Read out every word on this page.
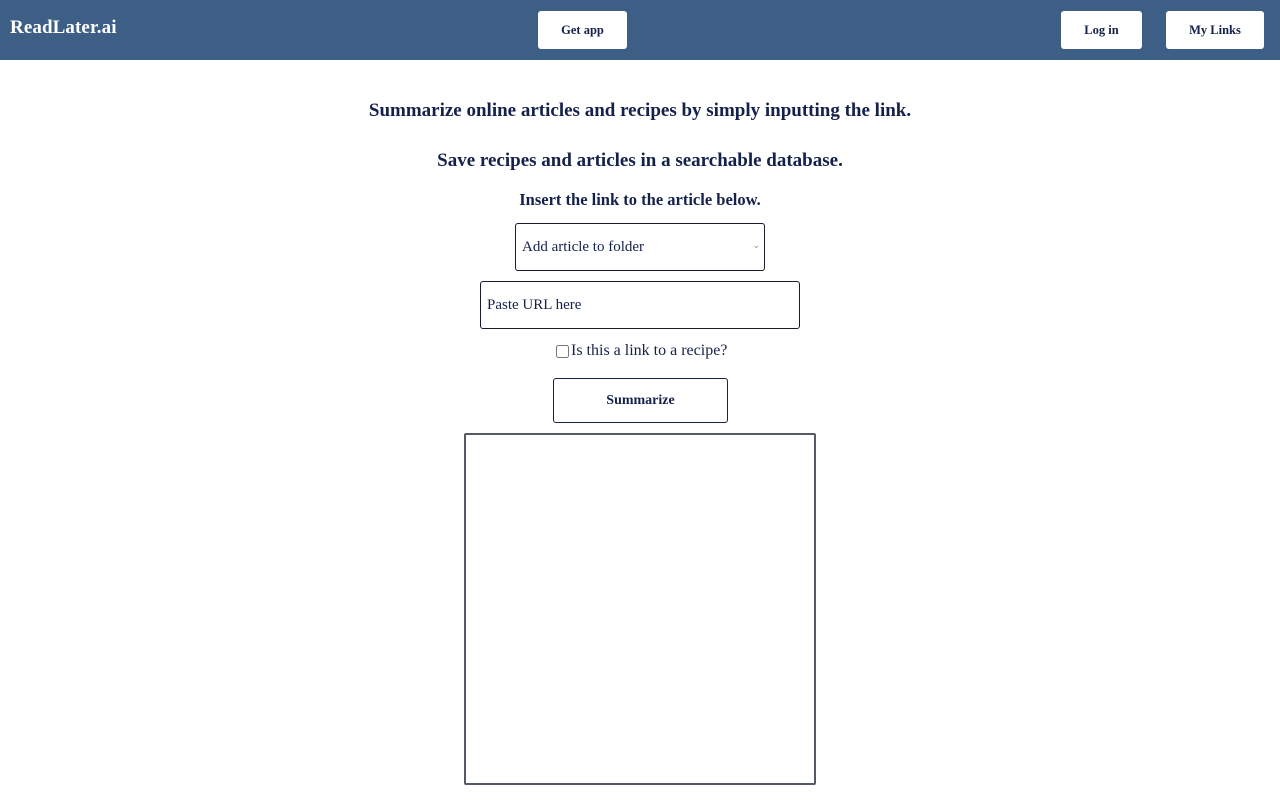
ReadLater.ai	Get app	Log in	My Links
Summarize online articles and recipes by simply inputting the link.
Save recipes and articles in a searchable database.
Insert the link to the article below.
Add article to folder	⌄
Paste URL here
Is this a link to a recipe?
Summarize
